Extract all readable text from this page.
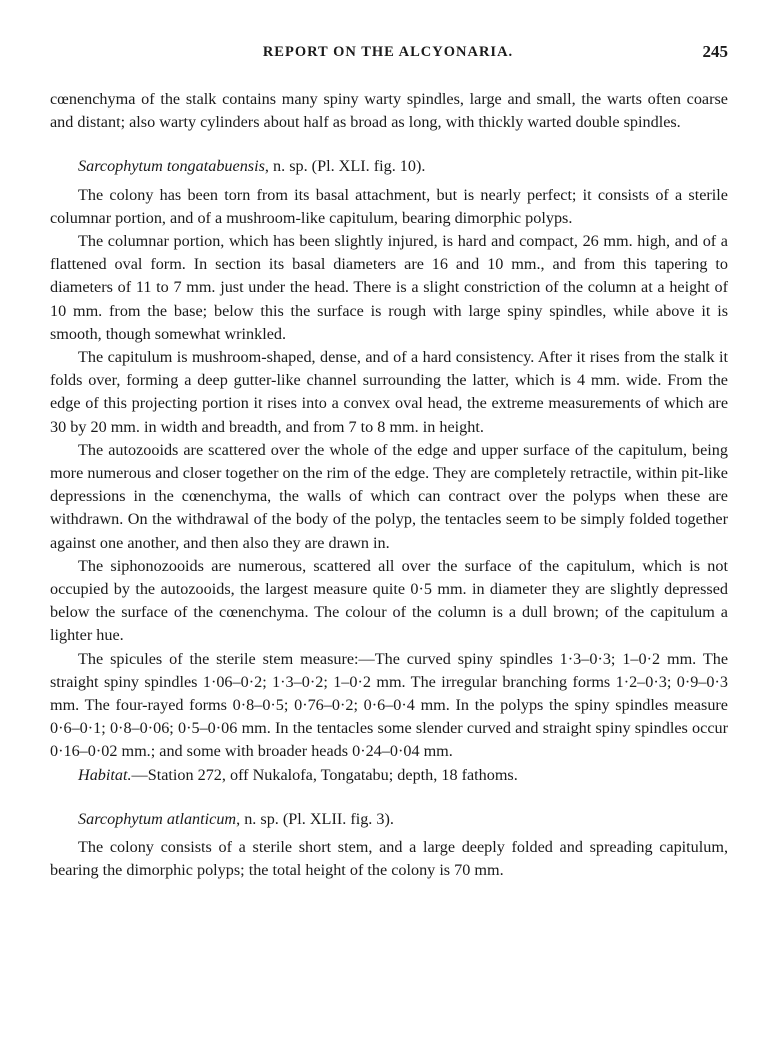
REPORT ON THE ALCYONARIA.	245

cœnenchyma of the stalk contains many spiny warty spindles, large and small, the warts often coarse and distant; also warty cylinders about half as broad as long, with thickly warted double spindles.

Sarcophytum tongatabuensis, n. sp. (Pl. XLI. fig. 10).

The colony has been torn from its basal attachment, but is nearly perfect; it consists of a sterile columnar portion, and of a mushroom-like capitulum, bearing dimorphic polyps.

The columnar portion, which has been slightly injured, is hard and compact, 26 mm. high, and of a flattened oval form. In section its basal diameters are 16 and 10 mm., and from this tapering to diameters of 11 to 7 mm. just under the head. There is a slight constriction of the column at a height of 10 mm. from the base; below this the surface is rough with large spiny spindles, while above it is smooth, though somewhat wrinkled.

The capitulum is mushroom-shaped, dense, and of a hard consistency. After it rises from the stalk it folds over, forming a deep gutter-like channel surrounding the latter, which is 4 mm. wide. From the edge of this projecting portion it rises into a convex oval head, the extreme measurements of which are 30 by 20 mm. in width and breadth, and from 7 to 8 mm. in height.

The autozooids are scattered over the whole of the edge and upper surface of the capitulum, being more numerous and closer together on the rim of the edge. They are completely retractile, within pit-like depressions in the cœnenchyma, the walls of which can contract over the polyps when these are withdrawn. On the withdrawal of the body of the polyp, the tentacles seem to be simply folded together against one another, and then also they are drawn in.

The siphonozooids are numerous, scattered all over the surface of the capitulum, which is not occupied by the autozooids, the largest measure quite 0·5 mm. in diameter they are slightly depressed below the surface of the cœnenchyma. The colour of the column is a dull brown; of the capitulum a lighter hue.

The spicules of the sterile stem measure:—The curved spiny spindles 1·3–0·3; 1–0·2 mm. The straight spiny spindles 1·06–0·2; 1·3–0·2; 1–0·2 mm. The irregular branching forms 1·2–0·3; 0·9–0·3 mm. The four-rayed forms 0·8–0·5; 0·76–0·2; 0·6–0·4 mm. In the polyps the spiny spindles measure 0·6–0·1; 0·8–0·06; 0·5–0·06 mm. In the tentacles some slender curved and straight spiny spindles occur 0·16–0·02 mm.; and some with broader heads 0·24–0·04 mm.

Habitat.—Station 272, off Nukalofa, Tongatabu; depth, 18 fathoms.

Sarcophytum atlanticum, n. sp. (Pl. XLII. fig. 3).

The colony consists of a sterile short stem, and a large deeply folded and spreading capitulum, bearing the dimorphic polyps; the total height of the colony is 70 mm.
